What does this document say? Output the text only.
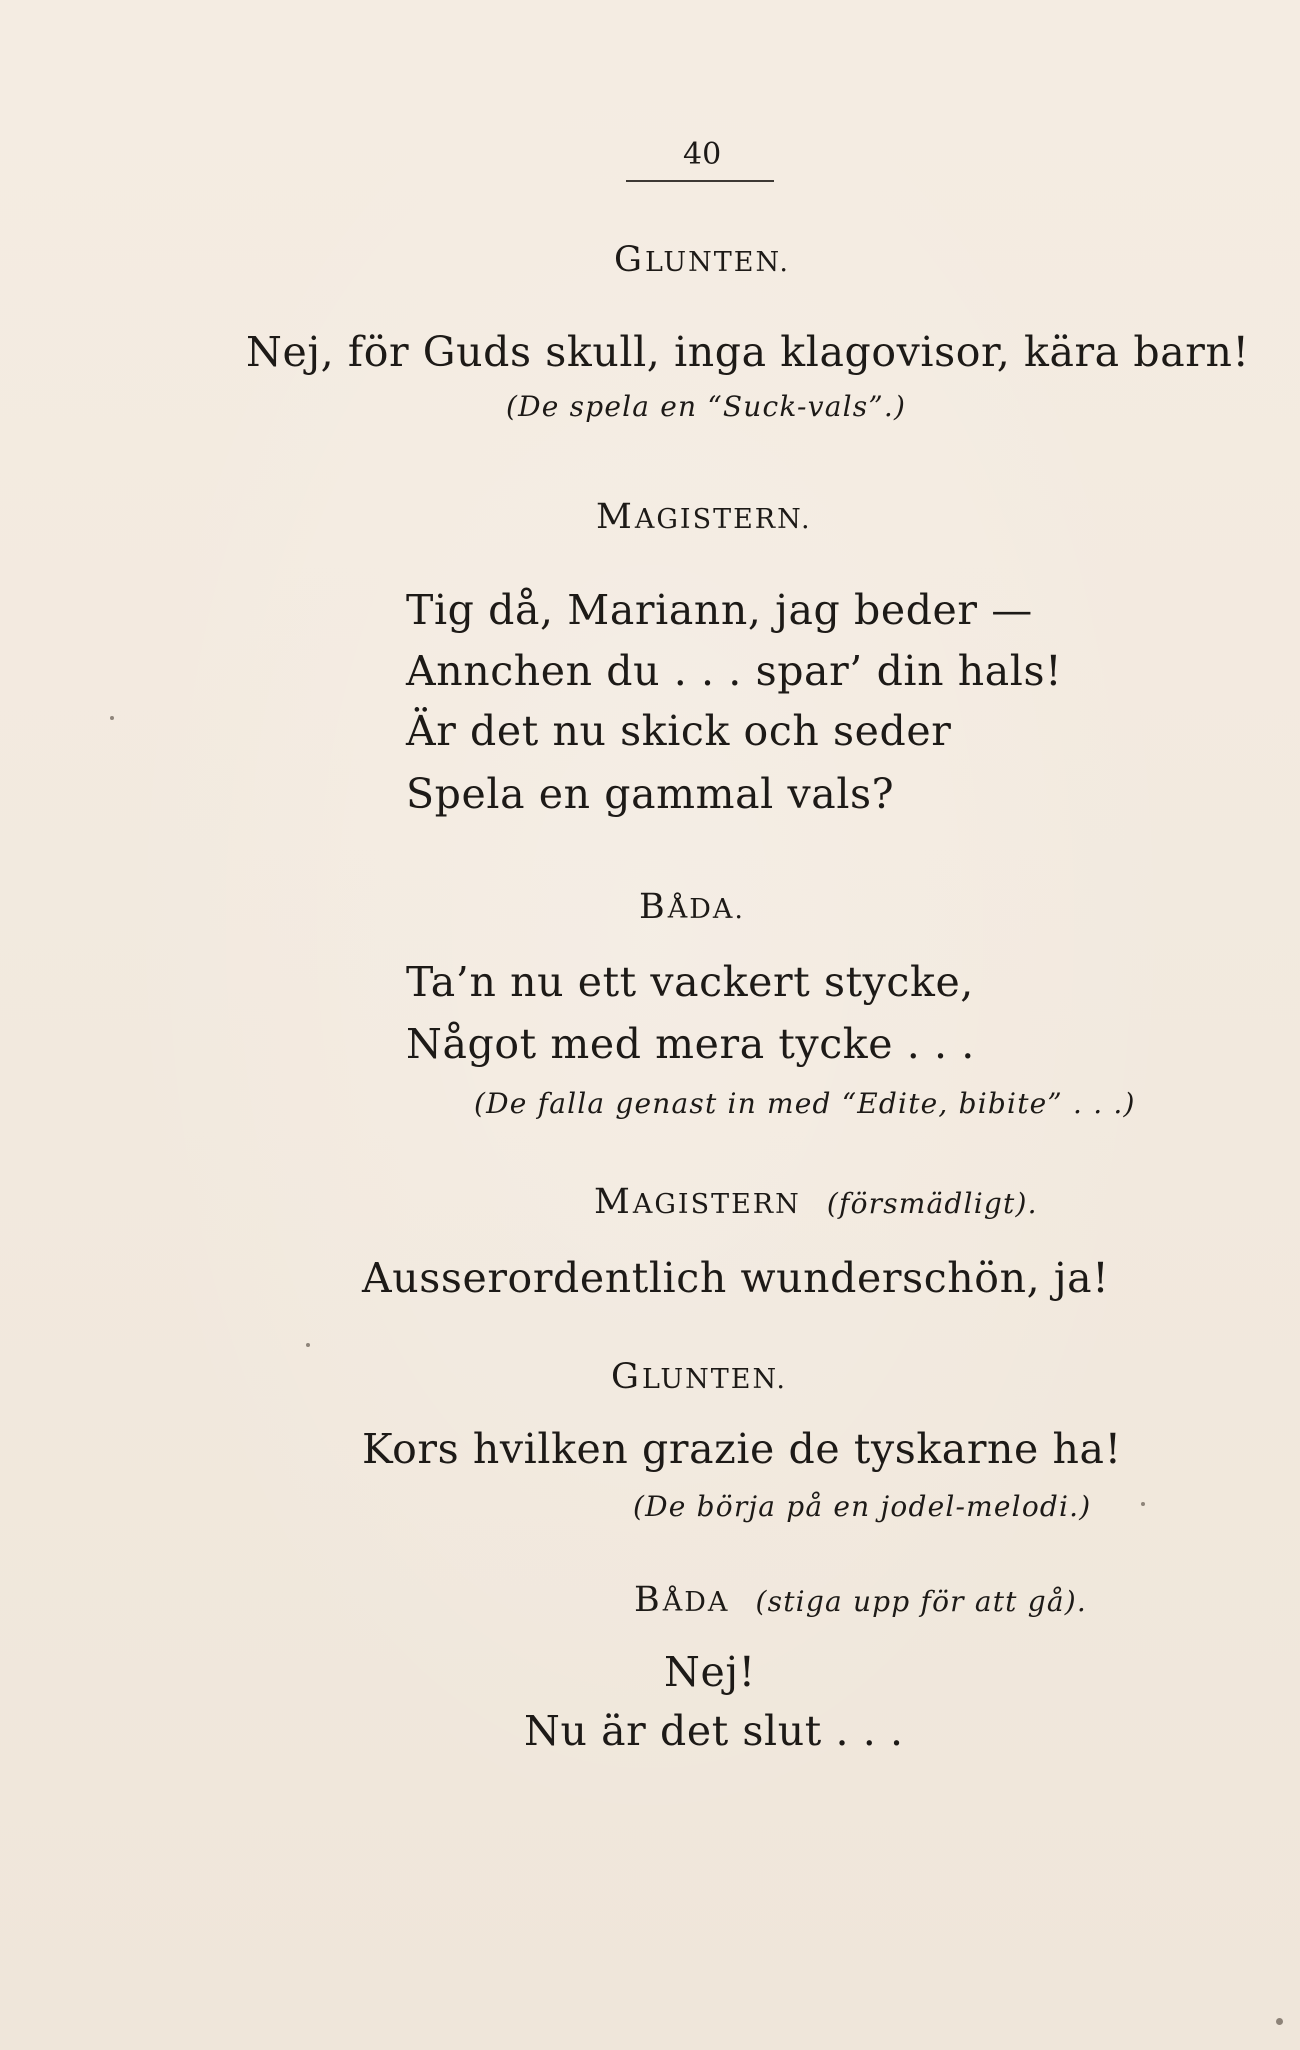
40
GLUNTEN.
Nej, för Guds skull, inga klagovisor, kära barn!
(De spela en “Suck-vals”.)
MAGISTERN.
Tig då, Mariann, jag beder —
Annchen du . . . spar’ din hals!
Är det nu skick och seder
Spela en gammal vals?
BÅDA.
Ta’n nu ett vackert stycke,
Något med mera tycke . . .
(De falla genast in med “Edite, bibite” . . .)
MAGISTERN (försmädligt).
Ausserordentlich wunderschön, ja!
GLUNTEN.
Kors hvilken grazie de tyskarne ha!
(De börja på en jodel-melodi.)
BÅDA (stiga upp för att gå).
Nej!
Nu är det slut . . .
